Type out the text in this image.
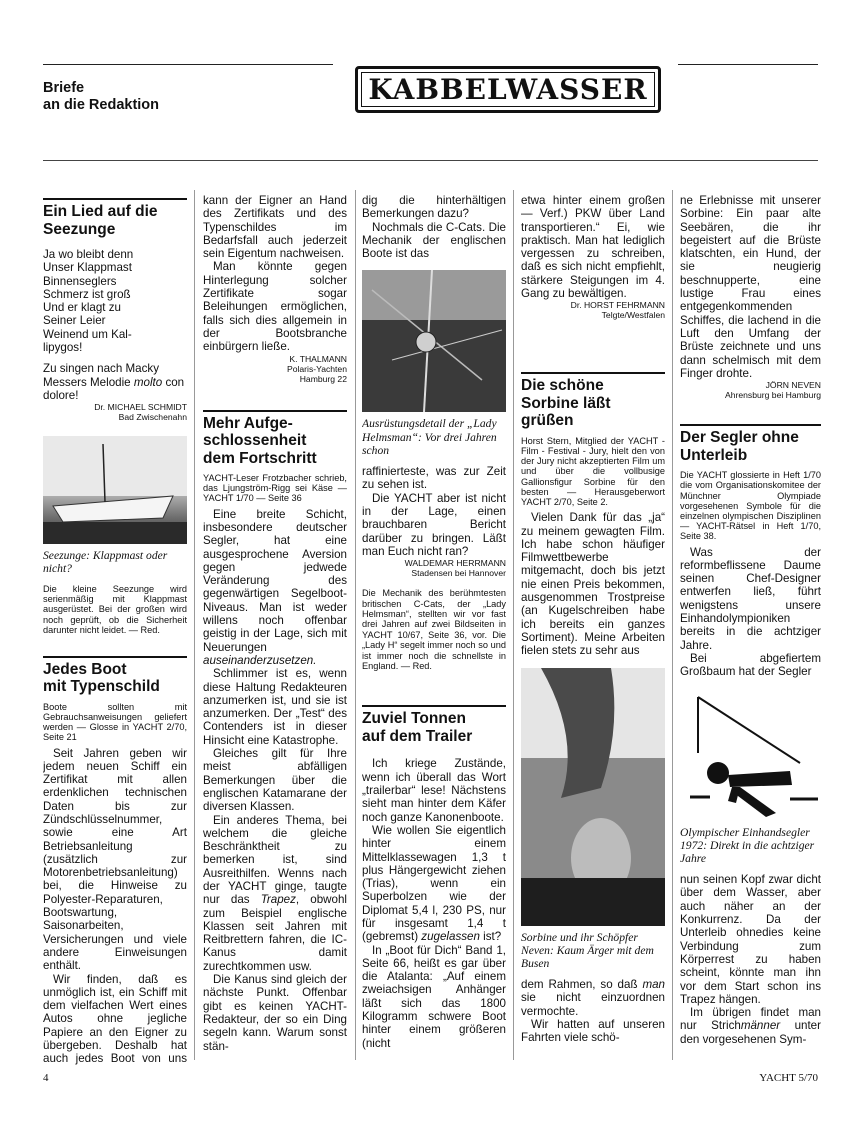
Briefe
an die Redaktion	KABBELWASSER
Ein Lied auf die
Seezunge
Ja wo bleibt denn
Unser Klappmast
Binnenseglers
Schmerz ist groß
Und er klagt zu
Seiner Leier
Weinend um Kal-
lipygos!

Zu singen nach Macky Messers Melodie molto con dolore!

Dr. MICHAEL SCHMIDT
Bad Zwischenahn

Seezunge: Klappmast oder nicht?

Die kleine Seezunge wird serienmäßig mit Klappmast ausgerüstet. Bei der großen wird noch geprüft, ob die Sicherheit darunter nicht leidet. — Red.

Jedes Boot
mit Typenschild

Boote sollten mit Gebrauchsanweisungen geliefert werden — Glosse in YACHT 2/70, Seite 21

Seit Jahren geben wir jedem neuen Schiff ein Zertifikat mit allen erdenklichen technischen Daten bis zur Zündschlüsselnummer, sowie eine Art Betriebsanleitung (zusätzlich zur Motorenbetriebsanleitung) bei, die Hinweise zu Polyester-Reparaturen, Bootswartung, Saisonarbeiten, Versicherungen und viele andere Einweisungen enthält.

Wir finden, daß es unmöglich ist, ein Schiff mit dem vielfachen Wert eines Autos ohne jegliche Papiere an den Eigner zu übergeben. Deshalb hat auch jedes Boot von uns

kann der Eigner an Hand des Zertifikats und des Typenschildes im Bedarfsfall auch jederzeit sein Eigentum nachweisen.

Man könnte gegen Hinterlegung solcher Zertifikate sogar Beleihungen ermöglichen, falls sich dies allgemein in der Bootsbranche einbürgern ließe.

K. THALMANN
Polaris-Yachten
Hamburg 22
Mehr Aufge-
schlossenheit
dem Fortschritt

YACHT-Leser Frotzbacher schrieb, das Ljungström-Rigg sei Käse — YACHT 1/70 — Seite 36

Eine breite Schicht, insbesondere deutscher Segler, hat eine ausgesprochene Aversion gegen jedwede Veränderung des gegenwärtigen Segelboot-Niveaus. Man ist weder willens noch offenbar geistig in der Lage, sich mit Neuerungen auseinanderzusetzen.

Schlimmer ist es, wenn diese Haltung Redakteuren anzumerken ist, und sie ist anzumerken. Der „Test“ des Contenders ist in dieser Hinsicht eine Katastrophe.

Gleiches gilt für Ihre meist abfälligen Bemerkungen über die englischen Katamarane der diversen Klassen.

Ein anderes Thema, bei welchem die gleiche Beschränktheit zu bemerken ist, sind Ausreithilfen. Wenns nach der YACHT ginge, taugte nur das Trapez, obwohl zum Beispiel englische Klassen seit Jahren mit Reitbrettern fahren, die IC-Kanus damit zurechtkommen usw.

Die Kanus sind gleich der nächste Punkt. Offenbar gibt es keinen YACHT-Redakteur, der so ein Ding segeln kann. Warum sonst stän-

dig die hinterhältigen Bemerkungen dazu?

Nochmals die C-Cats. Die Mechanik der englischen Boote ist das

Ausrüstungsdetail der „Lady Helmsman“: Vor drei Jahren schon

raffinierteste, was zur Zeit zu sehen ist.

Die YACHT aber ist nicht in der Lage, einen brauchbaren Bericht darüber zu bringen. Läßt man Euch nicht ran?

WALDEMAR HERRMANN
Stadensen bei Hannover

Die Mechanik des berühmtesten britischen C-Cats, der „Lady Helmsman“, stellten wir vor fast drei Jahren auf zwei Bildseiten in YACHT 10/67, Seite 36, vor. Die „Lady H“ segelt immer noch so und ist immer noch die schnellste in England. — Red.

Zuviel Tonnen
auf dem Trailer

Ich kriege Zustände, wenn ich überall das Wort „trailerbar“ lese! Nächstens sieht man hinter dem Käfer noch ganze Kanonenboote.

Wie wollen Sie eigentlich hinter einem Mittelklassewagen 1,3 t plus Hängergewicht ziehen (Trias), wenn ein Superbolzen wie der Diplomat 5,4 l, 230 PS, nur für insgesamt 1,4 t (gebremst) zugelassen ist?

In „Boot für Dich“ Band 1, Seite 66, heißt es gar über die Atalanta: „Auf einem zweiachsigen Anhänger läßt sich das 1800 Kilogramm schwere Boot hinter einem größeren (nicht

etwa hinter einem großen — Verf.) PKW über Land transportieren.“ Ei, wie praktisch. Man hat lediglich vergessen zu schreiben, daß es sich nicht empfiehlt, stärkere Steigungen im 4. Gang zu bewältigen.

Dr. HORST FEHRMANN
Telgte/Westfalen
Die schöne
Sorbine läßt
grüßen

Horst Stern, Mitglied der YACHT - Film - Festival - Jury, hielt den von der Jury nicht akzeptierten Film um und über die vollbusige Gallionsfigur Sorbine für den besten — Herausgeberwort YACHT 2/70, Seite 2.

Vielen Dank für das „ja“ zu meinem gewagten Film. Ich habe schon häufiger Filmwettbewerbe mitgemacht, doch bis jetzt nie einen Preis bekommen, ausgenommen Trostpreise (an Kugelschreiben habe ich bereits ein ganzes Sortiment). Meine Arbeiten fielen stets zu sehr aus

Sorbine und ihr Schöpfer Neven: Kaum Ärger mit dem Busen

dem Rahmen, so daß man sie nicht einzuordnen vermochte.

Wir hatten auf unseren Fahrten viele schö-

ne Erlebnisse mit unserer Sorbine: Ein paar alte Seebären, die ihr begeistert auf die Brüste klatschten, ein Hund, der sie neugierig beschnupperte, eine lustige Frau eines entgegenkommenden Schiffes, die lachend in die Luft den Umfang der Brüste zeichnete und uns dann schelmisch mit dem Finger drohte.

JÖRN NEVEN
Ahrensburg bei Hamburg
Der Segler ohne
Unterleib

Die YACHT glossierte in Heft 1/70 die vom Organisationskomitee der Münchner Olympiade vorgesehenen Symbole für die einzelnen olympischen Disziplinen — YACHT-Rätsel in Heft 1/70, Seite 38.

Was der reformbeflissene Daume seinen Chef-Designer entwerfen ließ, führt wenigstens unsere Einhandolympioniken bereits in die achtziger Jahre.

Bei abgefiertem Großbaum hat der Segler

Olympischer Einhandsegler 1972: Direkt in die achtziger Jahre

nun seinen Kopf zwar dicht über dem Wasser, aber auch näher an der Konkurrenz. Da der Unterleib ohnedies keine Verbindung zum Körperrest zu haben scheint, könnte man ihn vor dem Start schon ins Trapez hängen.

Im übrigen findet man nur Strichmänner unter den vorgesehenen Sym-

4	YACHT 5/70
